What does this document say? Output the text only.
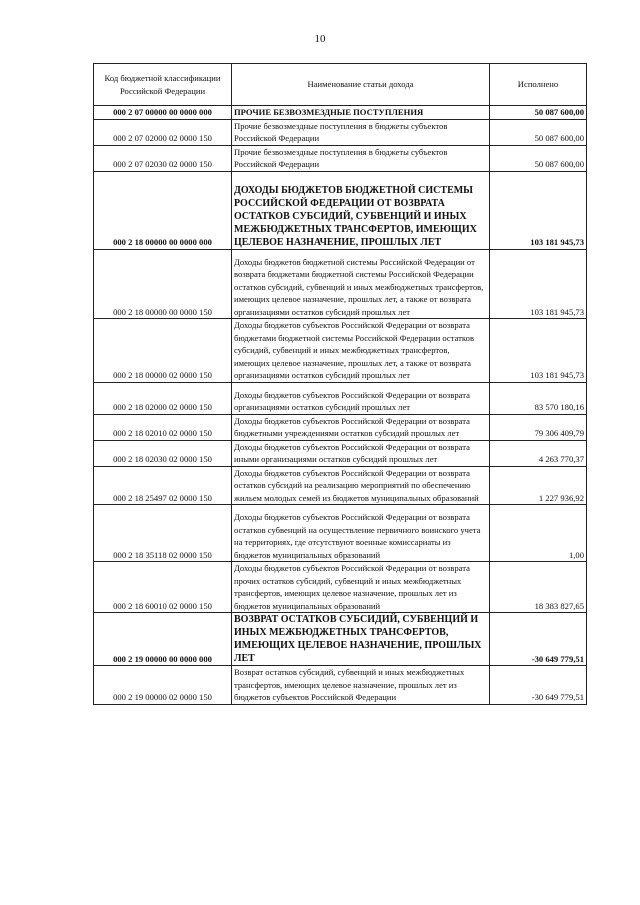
10
Код бюджетной классификации Российской Федерации	Наименование статьи дохода	Исполнено
000 2 07 00000 00 0000 000	ПРОЧИЕ БЕЗВОЗМЕЗДНЫЕ ПОСТУПЛЕНИЯ	50 087 600,00
000 2 07 02000 02 0000 150	Прочие безвозмездные поступления в бюджеты субъектов Российской Федерации	50 087 600,00
000 2 07 02030 02 0000 150	Прочие безвозмездные поступления в бюджеты субъектов Российской Федерации	50 087 600,00
000 2 18 00000 00 0000 000	ДОХОДЫ БЮДЖЕТОВ БЮДЖЕТНОЙ СИСТЕМЫ РОССИЙСКОЙ ФЕДЕРАЦИИ ОТ ВОЗВРАТА ОСТАТКОВ СУБСИДИЙ, СУБВЕНЦИЙ И ИНЫХ МЕЖБЮДЖЕТНЫХ ТРАНСФЕРТОВ, ИМЕЮЩИХ ЦЕЛЕВОЕ НАЗНАЧЕНИЕ, ПРОШЛЫХ ЛЕТ	103 181 945,73
000 2 18 00000 00 0000 150	Доходы бюджетов бюджетной системы Российской Федерации от возврата бюджетами бюджетной системы Российской Федерации остатков субсидий, субвенций и иных межбюджетных трансфертов, имеющих целевое назначение, прошлых лет, а также от возврата организациями остатков субсидий прошлых лет	103 181 945,73
000 2 18 00000 02 0000 150	Доходы бюджетов субъектов Российской Федерации от возврата бюджетами бюджетной системы Российской Федерации остатков субсидий, субвенций и иных межбюджетных трансфертов, имеющих целевое назначение, прошлых лет, а также от возврата организациями остатков субсидий прошлых лет	103 181 945,73
000 2 18 02000 02 0000 150	Доходы бюджетов субъектов Российской Федерации от возврата организациями остатков субсидий прошлых лет	83 570 180,16
000 2 18 02010 02 0000 150	Доходы бюджетов субъектов Российской Федерации от возврата бюджетными учреждениями остатков субсидий прошлых лет	79 306 409,79
000 2 18 02030 02 0000 150	Доходы бюджетов субъектов Российской Федерации от возврата иными организациями остатков субсидий прошлых лет	4 263 770,37
000 2 18 25497 02 0000 150	Доходы бюджетов субъектов Российской Федерации от возврата остатков субсидий на реализацию мероприятий по обеспечению жильем молодых семей из бюджетов муниципальных образований	1 227 936,92
000 2 18 35118 02 0000 150	Доходы бюджетов субъектов Российской Федерации от возврата остатков субвенций на осуществление первичного воинского учета на территориях, где отсутствуют военные комиссариаты из бюджетов муниципальных образований	1,00
000 2 18 60010 02 0000 150	Доходы бюджетов субъектов Российской Федерации от возврата прочих остатков субсидий, субвенций и иных межбюджетных трансфертов, имеющих целевое назначение, прошлых лет из бюджетов муниципальных образований	18 383 827,65
000 2 19 00000 00 0000 000	ВОЗВРАТ ОСТАТКОВ СУБСИДИЙ, СУБВЕНЦИЙ И ИНЫХ МЕЖБЮДЖЕТНЫХ ТРАНСФЕРТОВ, ИМЕЮЩИХ ЦЕЛЕВОЕ НАЗНАЧЕНИЕ, ПРОШЛЫХ ЛЕТ	-30 649 779,51
000 2 19 00000 02 0000 150	Возврат остатков субсидий, субвенций и иных межбюджетных трансфертов, имеющих целевое назначение, прошлых лет из бюджетов субъектов Российской Федерации	-30 649 779,51
